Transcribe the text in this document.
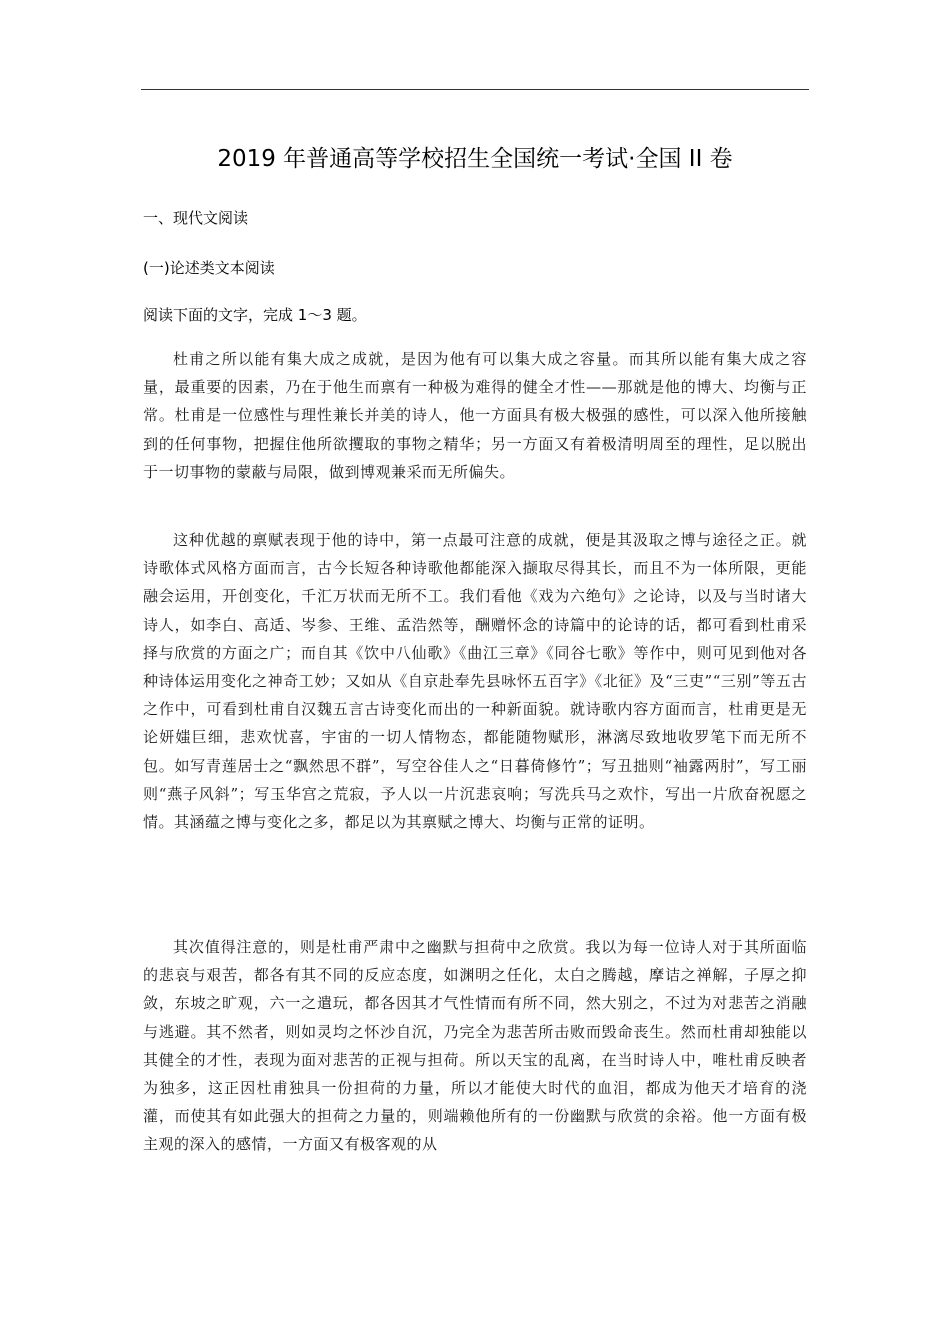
2019 年普通高等学校招生全国统一考试·全国 II 卷
一、现代文阅读
(一)论述类文本阅读
阅读下面的文字，完成 1～3 题。

杜甫之所以能有集大成之成就，是因为他有可以集大成之容量。而其所以能有集大成之容量，最重要的因素，乃在于他生而禀有一种极为难得的健全才性——那就是他的博大、均衡与正常。杜甫是一位感性与理性兼长并美的诗人，他一方面具有极大极强的感性，可以深入他所接触到的任何事物，把握住他所欲攫取的事物之精华；另一方面又有着极清明周至的理性，足以脱出于一切事物的蒙蔽与局限，做到博观兼采而无所偏失。

这种优越的禀赋表现于他的诗中，第一点最可注意的成就，便是其汲取之博与途径之正。就诗歌体式风格方面而言，古今长短各种诗歌他都能深入撷取尽得其长，而且不为一体所限，更能融会运用，开创变化，千汇万状而无所不工。我们看他《戏为六绝句》之论诗，以及与当时诸大诗人，如李白、高适、岑参、王维、孟浩然等，酬赠怀念的诗篇中的论诗的话，都可看到杜甫采择与欣赏的方面之广；而自其《饮中八仙歌》《曲江三章》《同谷七歌》等作中，则可见到他对各种诗体运用变化之神奇工妙；又如从《自京赴奉先县咏怀五百字》《北征》及“三吏”“三别”等五古之作中，可看到杜甫自汉魏五言古诗变化而出的一种新面貌。就诗歌内容方面而言，杜甫更是无论妍媸巨细，悲欢忧喜，宇宙的一切人情物态，都能随物赋形，淋漓尽致地收罗笔下而无所不包。如写青莲居士之“飘然思不群”，写空谷佳人之“日暮倚修竹”；写丑拙则“袖露两肘”，写工丽则“燕子风斜”；写玉华宫之荒寂，予人以一片沉悲哀响；写洗兵马之欢忭，写出一片欣奋祝愿之情。其涵蕴之博与变化之多，都足以为其禀赋之博大、均衡与正常的证明。

其次值得注意的，则是杜甫严肃中之幽默与担荷中之欣赏。我以为每一位诗人对于其所面临的悲哀与艰苦，都各有其不同的反应态度，如渊明之任化，太白之腾越，摩诘之禅解，子厚之抑敛，东坡之旷观，六一之遣玩，都各因其才气性情而有所不同，然大别之，不过为对悲苦之消融与逃避。其不然者，则如灵均之怀沙自沉，乃完全为悲苦所击败而毁命丧生。然而杜甫却独能以其健全的才性，表现为面对悲苦的正视与担荷。所以天宝的乱离，在当时诗人中，唯杜甫反映者为独多，这正因杜甫独具一份担荷的力量，所以才能使大时代的血泪，都成为他天才培育的浇灌，而使其有如此强大的担荷之力量的，则端赖他所有的一份幽默与欣赏的余裕。他一方面有极主观的深入的感情，一方面又有极客观的从
